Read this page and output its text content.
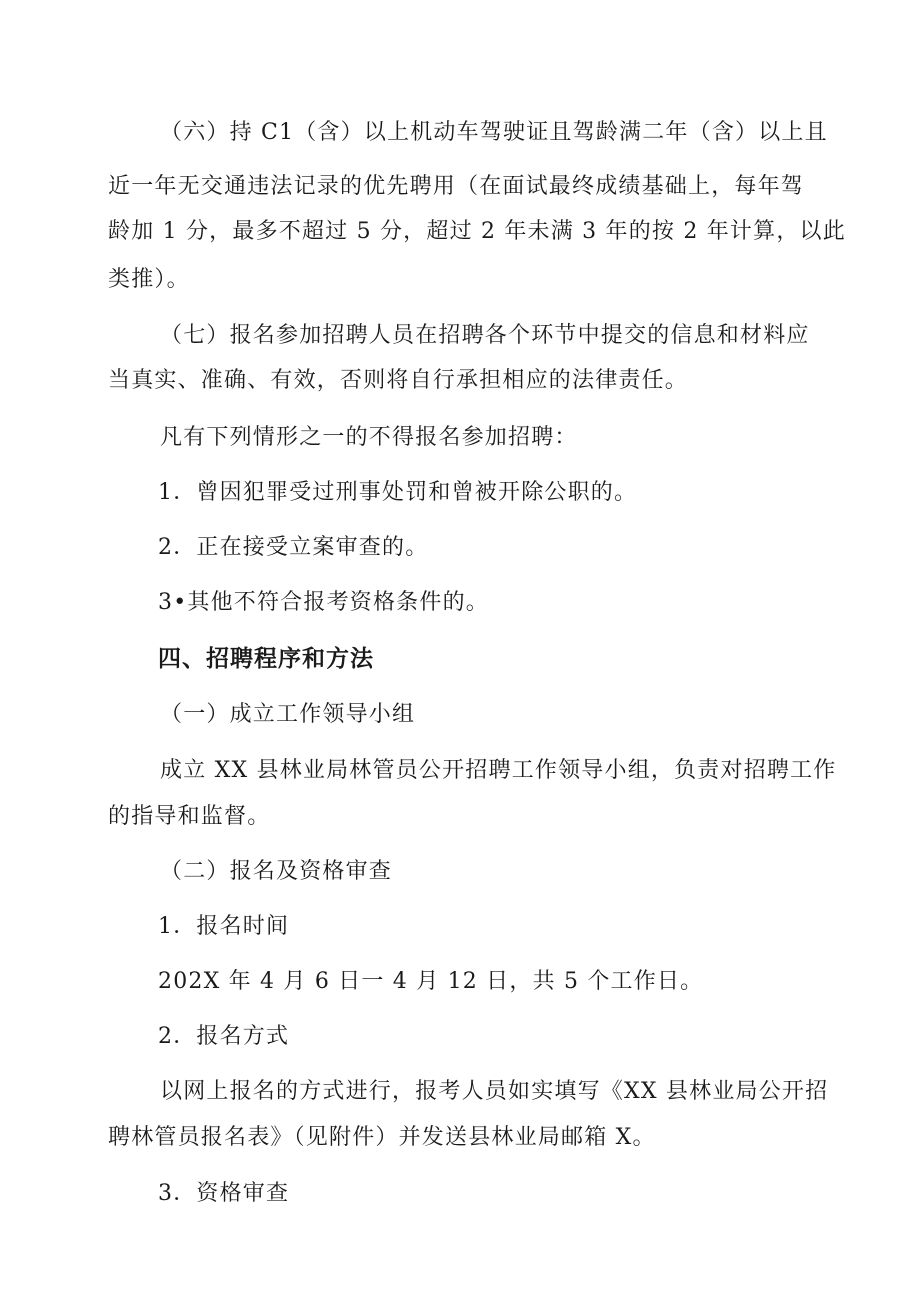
（六）持 C1（含）以上机动车驾驶证且驾龄满二年（含）以上且
近一年无交通违法记录的优先聘用（在面试最终成绩基础上，每年驾
龄加 1 分，最多不超过 5 分，超过 2 年未满 3 年的按 2 年计算，以此
类推）。
（七）报名参加招聘人员在招聘各个环节中提交的信息和材料应
当真实、准确、有效，否则将自行承担相应的法律责任。
凡有下列情形之一的不得报名参加招聘：
1．曾因犯罪受过刑事处罚和曾被开除公职的。
2．正在接受立案审查的。
3•其他不符合报考资格条件的。
四、招聘程序和方法
（一）成立工作领导小组
成立 XX 县林业局林管员公开招聘工作领导小组，负责对招聘工作
的指导和监督。
（二）报名及资格审查
1．报名时间
202X 年 4 月 6 日一 4 月 12 日，共 5 个工作日。
2．报名方式
以网上报名的方式进行，报考人员如实填写《XX 县林业局公开招
聘林管员报名表》（见附件）并发送县林业局邮箱 X。
3．资格审查
